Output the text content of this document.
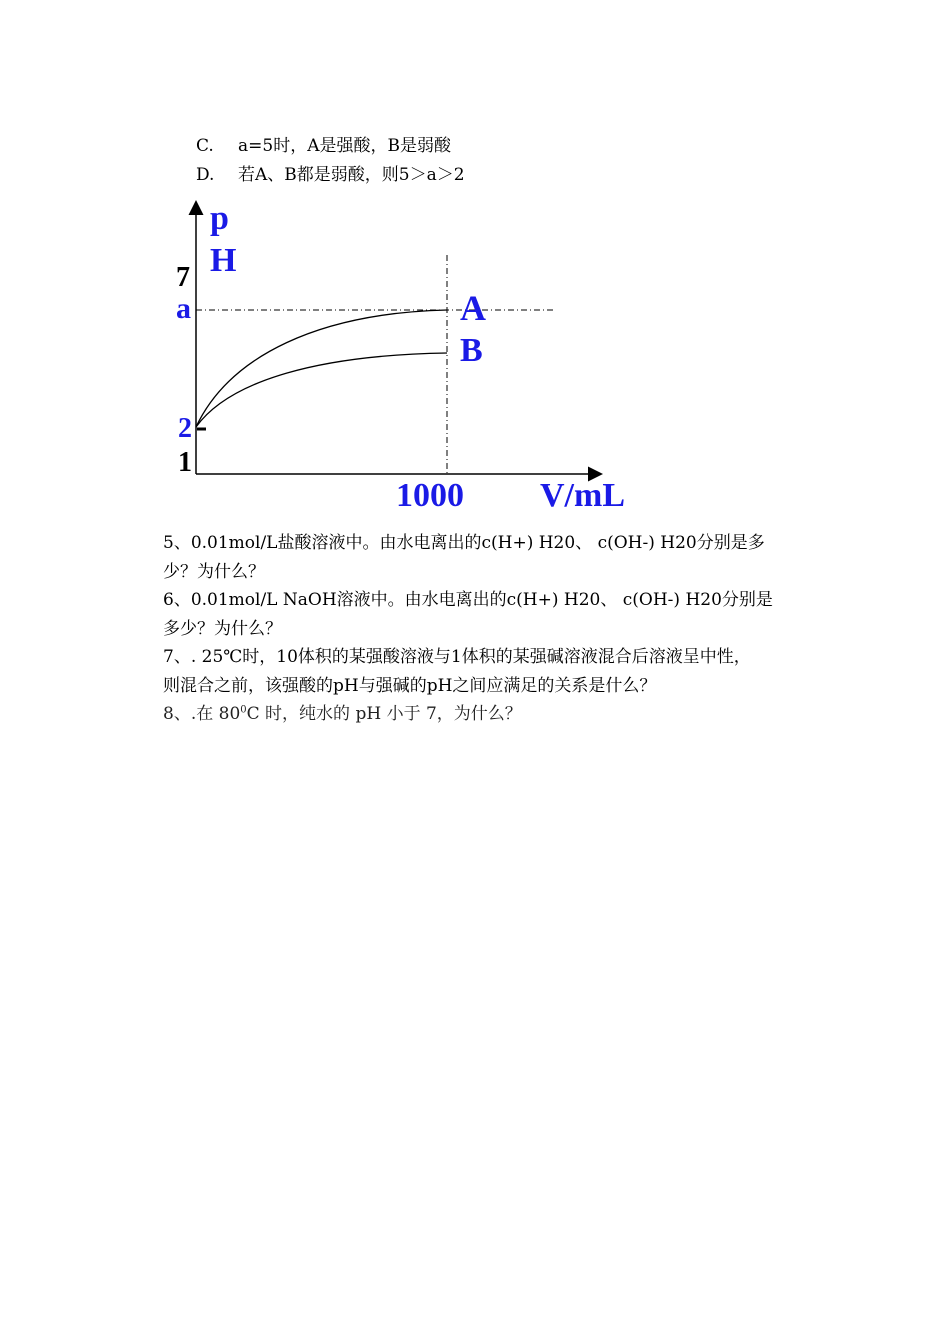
C. a=5时，A是强酸，B是弱酸
D. 若A、B都是弱酸，则5＞a＞2
p
H
7
a
2
1
A
B
1000 V/mL
5、0.01mol/L盐酸溶液中。由水电离出的c(H+) H20、 c(OH-) H20分别是多
少？为什么？
6、0.01mol/L NaOH溶液中。由水电离出的c(H+) H20、 c(OH-) H20分别是
多少？为什么？
7、. 25℃时，10体积的某强酸溶液与1体积的某强碱溶液混合后溶液呈中性，
则混合之前，该强酸的pH与强碱的pH之间应满足的关系是什么？
8、.在 $80^0C$ 时，纯水的 pH 小于 7，为什么？
